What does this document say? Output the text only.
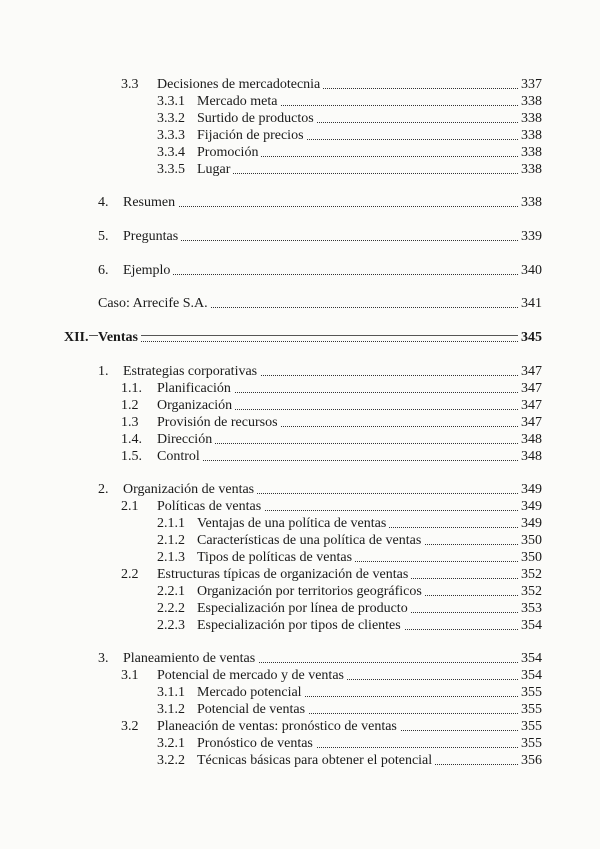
3.3 Decisiones de mercadotecnia	337
3.3.1 Mercado meta	338
3.3.2 Surtido de productos	338
3.3.3 Fijación de precios	338
3.3.4 Promoción	338
3.3.5 Lugar	338
4. Resumen	338
5. Preguntas	339
6. Ejemplo	340
Caso: Arrecife S.A.	341
XII. Ventas	345
1. Estrategias corporativas	347
1.1. Planificación	347
1.2 Organización	347
1.3 Provisión de recursos	347
1.4. Dirección	348
1.5. Control	348
2. Organización de ventas	349
2.1 Políticas de ventas	349
2.1.1 Ventajas de una política de ventas	349
2.1.2 Características de una política de ventas	350
2.1.3 Tipos de políticas de ventas	350
2.2 Estructuras típicas de organización de ventas	352
2.2.1 Organización por territorios geográficos	352
2.2.2 Especialización por línea de producto	353
2.2.3 Especialización por tipos de clientes	354
3. Planeamiento de ventas	354
3.1 Potencial de mercado y de ventas	354
3.1.1 Mercado potencial	355
3.1.2 Potencial de ventas	355
3.2 Planeación de ventas: pronóstico de ventas	355
3.2.1 Pronóstico de ventas	355
3.2.2 Técnicas básicas para obtener el potencial	356
